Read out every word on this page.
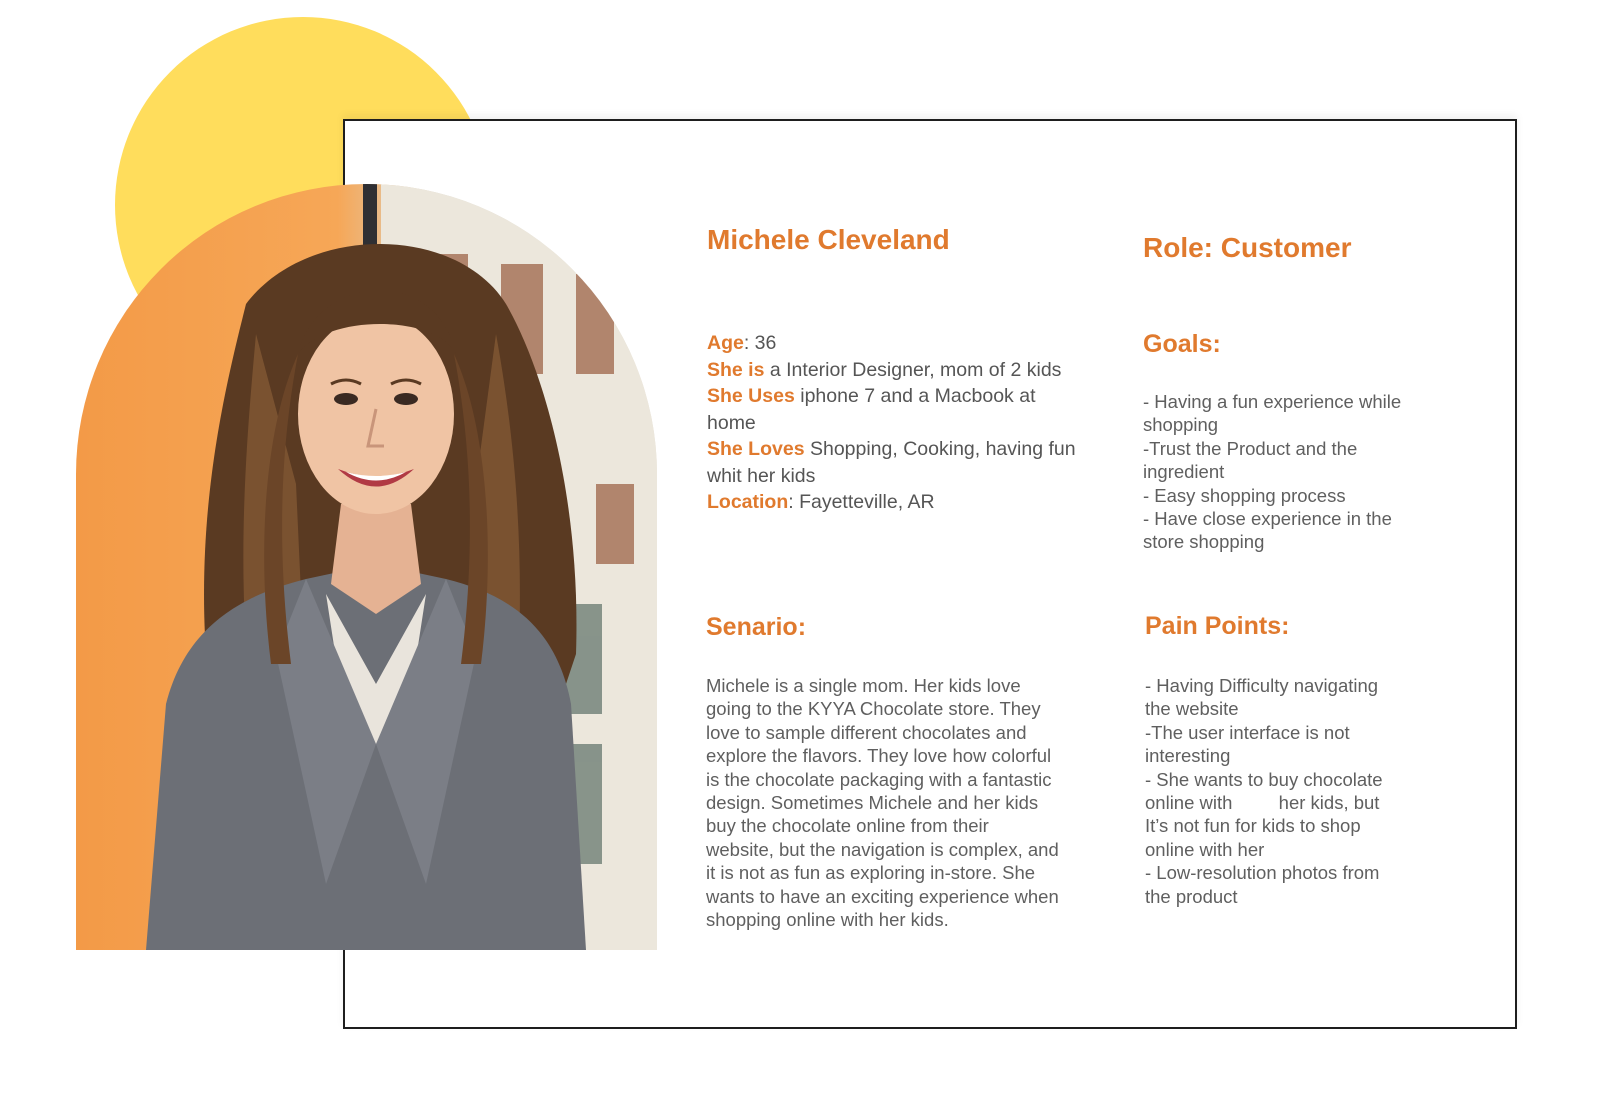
Michele Cleveland	Role: Customer
Age: 36
She is a Interior Designer, mom of 2 kids
She Uses iphone 7 and a Macbook at home
She Loves Shopping, Cooking, having fun whit her kids
Location: Fayetteville, AR
Goals:
- Having a fun experience while
shopping
-Trust the Product and the
ingredient
- Easy shopping process
- Have close experience in the
store shopping
Senario:
Michele is a single mom. Her kids love
going to the KYYA Chocolate store. They
love to sample different chocolates and
explore the flavors. They love how colorful
is the chocolate packaging with a fantastic
design. Sometimes Michele and her kids
buy the chocolate online from their
website, but the navigation is complex, and
it is not as fun as exploring in-store. She
wants to have an exciting experience when
shopping online with her kids.
Pain Points:
- Having Difficulty navigating
the website
-The user interface is not
interesting
- She wants to buy chocolate
online with         her kids, but
It’s not fun for kids to shop
online with her
- Low-resolution photos from
the product
